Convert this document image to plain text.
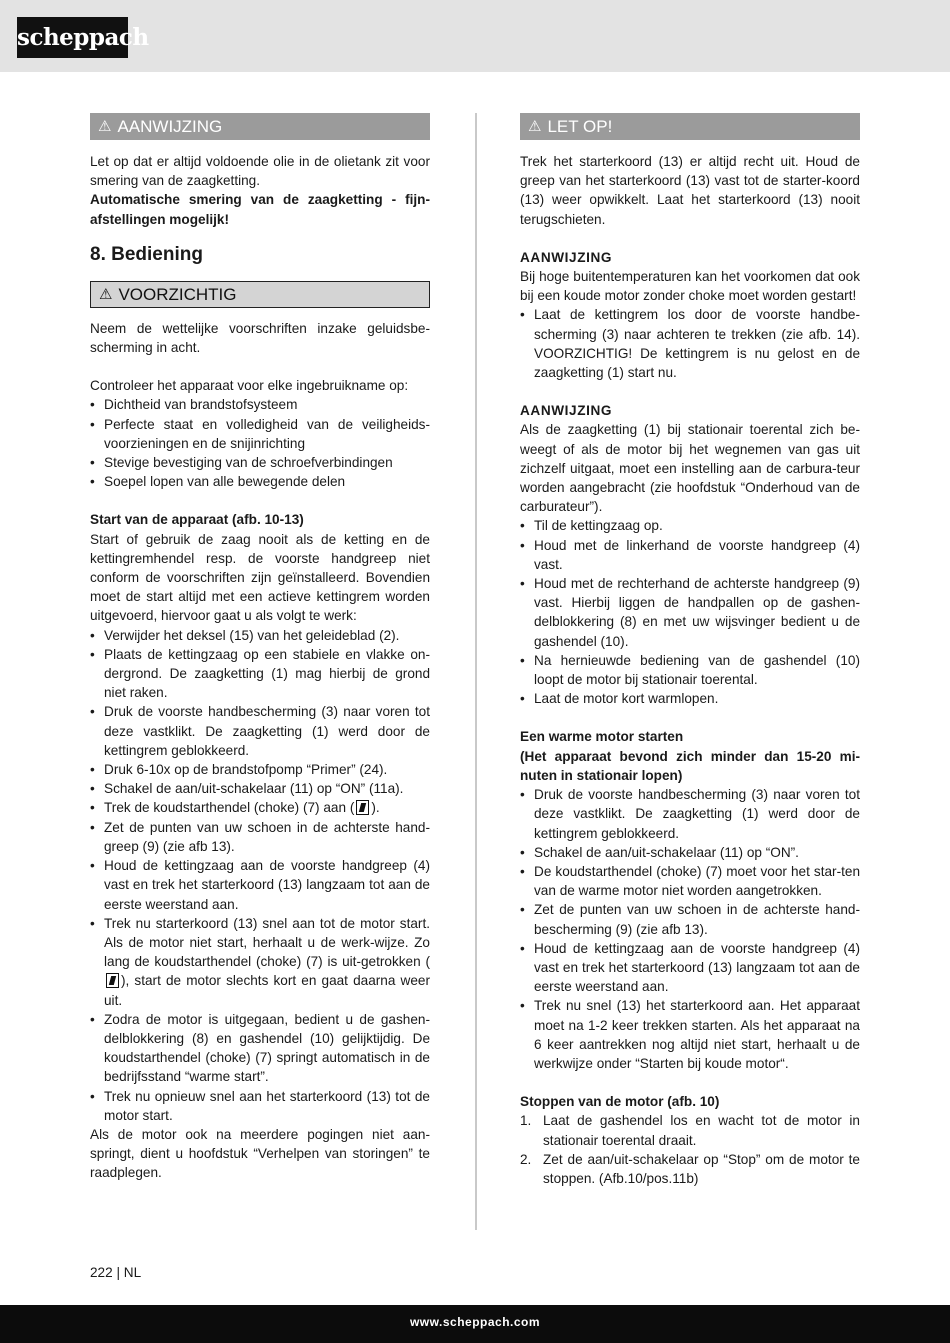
scheppach
⚠ AANWIJZING

Let op dat er altijd voldoende olie in de olietank zit voor smering van de zaagketting.

Automatische smering van de zaagketting - fijn-afstellingen mogelijk!

8. Bediening
⚠ VOORZICHTIG

Neem de wettelijke voorschriften inzake geluidsbe-scherming in acht.

Controleer het apparaat voor elke ingebruikname op:

• Dichtheid van brandstofsysteem
• Perfecte staat en volledigheid van de veiligheids-voorzieningen en de snijinrichting
• Stevige bevestiging van de schroefverbindingen
• Soepel lopen van alle bewegende delen

Start van de apparaat (afb. 10-13)

Start of gebruik de zaag nooit als de ketting en de kettingremhendel resp. de voorste handgreep niet conform de voorschriften zijn geïnstalleerd. Bovendien moet de start altijd met een actieve kettingrem worden uitgevoerd, hiervoor gaat u als volgt te werk:

• Verwijder het deksel (15) van het geleideblad (2).
• Plaats de kettingzaag op een stabiele en vlakke on-dergrond. De zaagketting (1) mag hierbij de grond niet raken.
• Druk de voorste handbescherming (3) naar voren tot deze vastklikt. De zaagketting (1) werd door de kettingrem geblokkeerd.
• Druk 6-10x op de brandstofpomp “Primer” (24).
• Schakel de aan/uit-schakelaar (11) op “ON” (11a).
• Trek de koudstarthendel (choke) (7) aan ( ).
• Zet de punten van uw schoen in de achterste hand-greep (9) (zie afb 13).
• Houd de kettingzaag aan de voorste handgreep (4) vast en trek het starterkoord (13) langzaam tot aan de eerste weerstand aan.
• Trek nu starterkoord (13) snel aan tot de motor start. Als de motor niet start, herhaalt u de werk-wijze. Zo lang de koudstarthendel (choke) (7) is uit-getrokken (), start de motor slechts kort en gaat daarna weer uit.
• Zodra de motor is uitgegaan, bedient u de gashen-delblokkering (8) en gashendel (10) gelijktijdig. De koudstarthendel (choke) (7) springt automatisch in de bedrijfsstand “warme start”.
• Trek nu opnieuw snel aan het starterkoord (13) tot de motor start.

Als de motor ook na meerdere pogingen niet aan-springt, dient u hoofdstuk “Verhelpen van storingen” te raadplegen.

⚠ LET OP!

Trek het starterkoord (13) er altijd recht uit. Houd de greep van het starterkoord (13) vast tot de starter-koord (13) weer opwikkelt. Laat het starterkoord (13) nooit terugschieten.

AANWIJZING

Bij hoge buitentemperaturen kan het voorkomen dat ook bij een koude motor zonder choke moet worden gestart!

• Laat de kettingrem los door de voorste handbe-scherming (3) naar achteren te trekken (zie afb. 14). VOORZICHTIG! De kettingrem is nu gelost en de zaagketting (1) start nu.

AANWIJZING

Als de zaagketting (1) bij stationair toerental zich be-weegt of als de motor bij het wegnemen van gas uit zichzelf uitgaat, moet een instelling aan de carbura-teur worden aangebracht (zie hoofdstuk “Onderhoud van de carburateur”).

• Til de kettingzaag op.
• Houd met de linkerhand de voorste handgreep (4) vast.
• Houd met de rechterhand de achterste handgreep (9) vast. Hierbij liggen de handpallen op de gashen-delblokkering (8) en met uw wijsvinger bedient u de gashendel (10).
• Na hernieuwde bediening van de gashendel (10) loopt de motor bij stationair toerental.
• Laat de motor kort warmlopen.

Een warme motor starten

(Het apparaat bevond zich minder dan 15-20 mi-nuten in stationair lopen)

• Druk de voorste handbescherming (3) naar voren tot deze vastklikt. De zaagketting (1) werd door de kettingrem geblokkeerd.
• Schakel de aan/uit-schakelaar (11) op “ON”.
• De koudstarthendel (choke) (7) moet voor het star-ten van de warme motor niet worden aangetrokken.
• Zet de punten van uw schoen in de achterste hand-bescherming (9) (zie afb 13).
• Houd de kettingzaag aan de voorste handgreep (4) vast en trek het starterkoord (13) langzaam tot aan de eerste weerstand aan.
• Trek nu snel (13) het starterkoord aan. Het apparaat moet na 1-2 keer trekken starten. Als het apparaat na 6 keer aantrekken nog altijd niet start, herhaalt u de werkwijze onder “Starten bij koude motor“.

Stoppen van de motor (afb. 10)

1. Laat de gashendel los en wacht tot de motor in stationair toerental draait.
2. Zet de aan/uit-schakelaar op “Stop” om de motor te stoppen. (Afb.10/pos.11b)
222 | NL
www.scheppach.com
